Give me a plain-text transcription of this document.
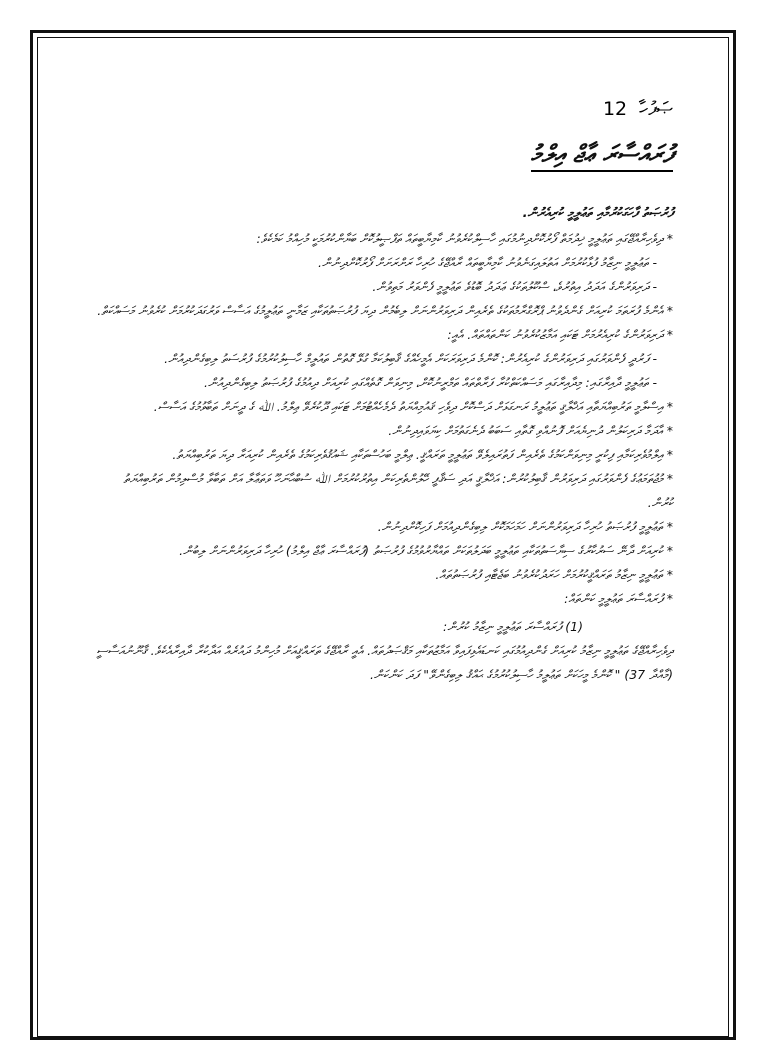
12 ޞަފުހާ
ފުރައްސާރަ ޢާޖް އިލްމު
ފުރުޞަތު ފާހަގަކުރުމާއި ތަޢުލީމީ ކުރިއެރުން.

* ދިވެހިރާއްޖޭގައި ތަޢުލީމީ ޚިދުމަތް ފޯރުކޮށްދިނުމުގައި ހާސިލްކުރެވުނު ކާމިޔާބީތައް ތަފްޞީލުކޮށް ބަޔާންކުރުމަކީ މުހިއްމު ކަމެކެވެ:

- ތަޢުލީމީ ނިޒާމު ފުޅާކުރުމަށް އަތުލައިގަނެވުނު ކާމިޔާބީތައް ރާއްޖޭގެ ހުރިހާ ރަށްރަށަށް ފޯރުކޮށްދިނުން.

- ދަރިވަރުންގެ އަދަދު އިތުރުވެ، ސްކޫލުތަކުގެ ޢަދަދު ބޮޑުވެ ތަޢުލީމީ ފެންވަރު މަތިވުން.

* އެންމެ ފުރަތަމަ ކުރިއަށް ގެންދެވުނު ޕްރޮގްރާމުތަކުގެ ތެރެއިން ދަރިވަރުންނަށް ލިބެމުން ދިޔަ ފުރުޞަތުތަކާއި ޒަމާނީ ތަޢުލީމުގެ އަސާސް ވަރުގަދަކުރުމަށް ކުރެވުނު މަސައްކަތް.

* ދަރިވަރުންގެ ކުރިއެރުމަށް ޓަކައި އަމާޒުކުރެވުނު ކަންތައްތައް. އެއީ:

- ފަރުދީ ފެންވަރުގައި ދަރިވަރުންގެ ކުރިއެރުން: ކޮންމެ ދަރިވަރަކަށް އެމީހެއްގެ ޤާބިލުކަމާ ގުޅޭ ގޮތުން ތައުލީމް ހާސިލުކުރުމުގެ ފުރުސަތު ލިބިގެންދިއުން.

- ތަޢުލީމީ ދާއިރާގައި: މިދާއިރާގައި މަސައްކަތްކުރާ ފަރާތްތައް ތަމްރީނުކޮށް، މިނިވަން ގޮތެއްގައި ކުރިއަށް ދިއުމުގެ ފުރުޞަތު ލިބިގެންދިއުން.

* އިސްލާމީ ތަރުބިއްޔަތާއި އަޚްލާޤީ ތަޢުލީމު ރަނގަޅަށް ދަސްކޮށް ދިވެހި ޤައުމިއްޔަތު ދެމެހެއްޓުމަށް ޓަކައި ދޫކުރެވޭ ޢިލްމު. ﷲ ގެ ދީނަށް ތަބާވުމުގެ އަސާސް.

* އާދަމާ ދަރިކަލުން ދުނިޔެއަށް ފޮނުއްވި ގޮތާއި ސަބަބު ދެނެގަތުމަށް ކިޔަވައިދިނުން.

* އިލްމުވެރިކަމާއި ފިކުރީ މިނިވަންކަމުގެ ތެރެއިން ފަތުރައިލެވޭ ތަޢުލީމީ ތަރައްޤީ. ޢިލްމީ ބަހުސްތަކާއި ޝައުޤުވެރިކަމުގެ ތެރެއިން ކުރިއަރާ ދިޔަ ތަރުބިއްޔަތު.

* މުޖުތަމަޢުގެ ފެންވަރުގައި ދަރިވަރުން ޤާބިލުކުރުން: އަޚްލާޤީ އަދި ސަޤާފީ ހޭލުންތެރިކަން އިތުރުކުރުމަށް ﷲ ސުބްޙާނަހޫ ވަތަޢާލާ އަށް ތަބާވާ މުސްލިމުން ތަރުބިއްޔަތު ކުރުން.

* ތަޢުލީމީ ފުރުޞަތު ހުރިހާ ދަރިވަރުންނަށް ހަމަހަމަކޮށް ލިބިގެންދިއުމަށް ފަހިކޮށްދިނުން.

* ކުރިއަށް ދާނޭ ސަރުކާރުގެ ސިޔާސަތުތަކާއި ތަޢުލީމީ ބަދަލުތަކަށް ތައްޔާރުވުމުގެ ފުރުޞަތު (ފުރައްސާރަ ޢާޖް އިލްމު) ހުރިހާ ދަރިވަރުންނަށް ލިބުން.

* ތަޢުލީމީ ނިޒާމު ތަރައްޤީކުރުމަށް ހަރަދުކުރެވުނު ބަޖެޓާއި ފުރުޞަތުތައް.

* ފުރައްސާރަ ތަޢުލީމީ ކަންތައް:

(1) ފުރައްސާރަ ތަޢުލީމީ ނިޒާމު ކުރުން:

ދިވެހިރާއްޖޭގެ ތަޢުލީމީ ނިޒާމު ކުރިއަށް ގެންދިއުމުގައި ކަނޑައެޅިފައިވާ އަމާޒުތަކާއި މަޤްޞަދުތައް. އެއީ ރާއްޖޭގެ ތަރައްޤީއަށް މުހިންމު ދައުރެއް އަދާކުރާ ދާއިރާއެކެވެ. ޤާނޫނުއަސާސީ (މާއްދާ 37) " ކޮންމެ މީހަކަށް ތަޢުލީމު ހާސިލުކުރުމުގެ ޙައްޤު ލިބިގެންވޭ" ފަދަ ކަންކަން.
